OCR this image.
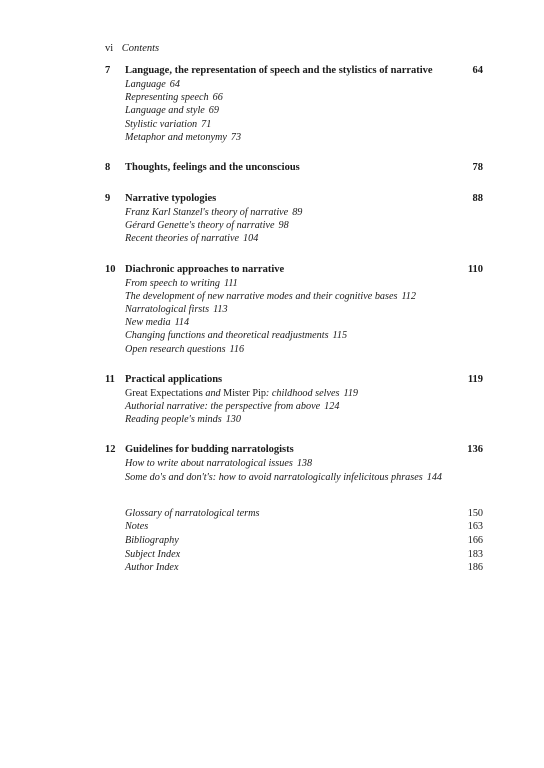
vi Contents
7 Language, the representation of speech and the stylistics of narrative	64
Language 64
Representing speech 66
Language and style 69
Stylistic variation 71
Metaphor and metonymy 73
8 Thoughts, feelings and the unconscious	78
9 Narrative typologies	88
Franz Karl Stanzel's theory of narrative 89
Gérard Genette's theory of narrative 98
Recent theories of narrative 104
10 Diachronic approaches to narrative	110
From speech to writing 111
The development of new narrative modes and their cognitive bases 112
Narratological firsts 113
New media 114
Changing functions and theoretical readjustments 115
Open research questions 116
11 Practical applications	119
Great Expectations and Mister Pip: childhood selves 119
Authorial narrative: the perspective from above 124
Reading people's minds 130
12 Guidelines for budding narratologists	136
How to write about narratological issues 138
Some do's and don't's: how to avoid narratologically infelicitous phrases 144
Glossary of narratological terms	150
Notes	163
Bibliography	166
Subject Index	183
Author Index	186
